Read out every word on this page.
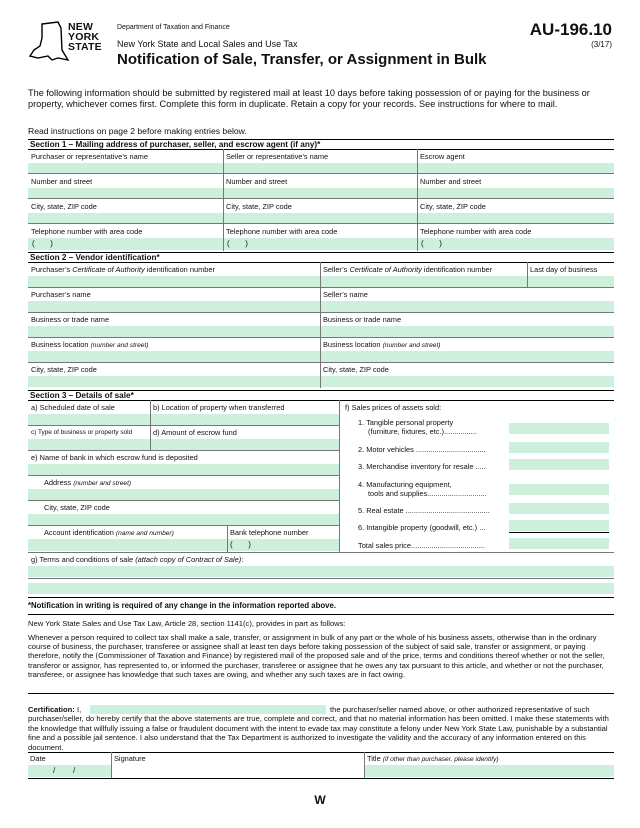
NEW
YORK
STATE
Department of Taxation and Finance
New York State and Local Sales and Use Tax
Notification of Sale, Transfer, or Assignment in Bulk
AU-196.10
(3/17)
The following information should be submitted by registered mail at least 10 days before taking possession of or paying for the business or property, whichever comes first. Complete this form in duplicate. Retain a copy for your records. See instructions for where to mail.
Read instructions on page 2 before making entries below.
Section 1 – Mailing address of purchaser, seller, and escrow agent (if any)*
Purchaser or representative’s name	Seller or representative’s name	Escrow agent
Number and street	Number and street	Number and street
City, state, ZIP code	City, state, ZIP code	City, state, ZIP code
Telephone number with area code	Telephone number with area code	Telephone number with area code
(       )	(       )	(       )
Section 2 – Vendor identification*
Purchaser’s Certificate of Authority identification number	Seller’s Certificate of Authority identification number	Last day of business
Purchaser’s name	Seller’s name
Business or trade name	Business or trade name
Business location (number and street)	Business location (number and street)
City, state, ZIP code	City, state, ZIP code
Section 3 – Details of sale*
a) Scheduled date of sale	b) Location of property when transferred
c) Type of business or property sold	d) Amount of escrow fund
e) Name of bank in which escrow fund is deposited
Address (number and street)
City, state, ZIP code
Account identification (name and number)	Bank telephone number
(       )
f) Sales prices of assets sold:
1. Tangible personal property
(furniture, fixtures, etc.)................
2. Motor vehicles ..................................
3. Merchandise inventory for resale .....
4. Manufacturing equipment,
tools and supplies.............................
5. Real estate .........................................
6. Intangible property (goodwill, etc.) ...
Total sales price....................................
g) Terms and conditions of sale (attach copy of Contract of Sale):
*Notification in writing is required of any change in the information reported above.
New York State Sales and Use Tax Law, Article 28, section 1141(c), provides in part as follows:
Whenever a person required to collect tax shall make a sale, transfer, or assignment in bulk of any part or the whole of his business assets, otherwise than in the ordinary course of business, the purchaser, transferee or assignee shall at least ten days before taking possession of the subject of said sale, transfer or assignment, or paying therefore, notify the (Commissioner of Taxation and Finance) by registered mail of the proposed sale and of the price, terms and conditions thereof whether or not the seller, transferor or assignor, has represented to, or informed the purchaser, transferee or assignee that he owes any tax pursuant to this article, and whether or not the purchaser, transferee, or assignee has knowledge that such taxes are owing, and whether any such taxes are in fact owing.
Certification: I,	the purchaser/seller named above, or other authorized representative of such
purchaser/seller, do hereby certify that the above statements are true, complete and correct, and that no material information has been omitted. I make these statements with the knowledge that willfully issuing a false or fraudulent document with the intent to evade tax may constitute a felony under New York State Law, punishable by a substantial fine and a possible jail sentence. I also understand that the Tax Department is authorized to investigate the validity and the accuracy of any information entered on this document.
Date	Signature	Title (if other than purchaser, please identify)
/        /
W
